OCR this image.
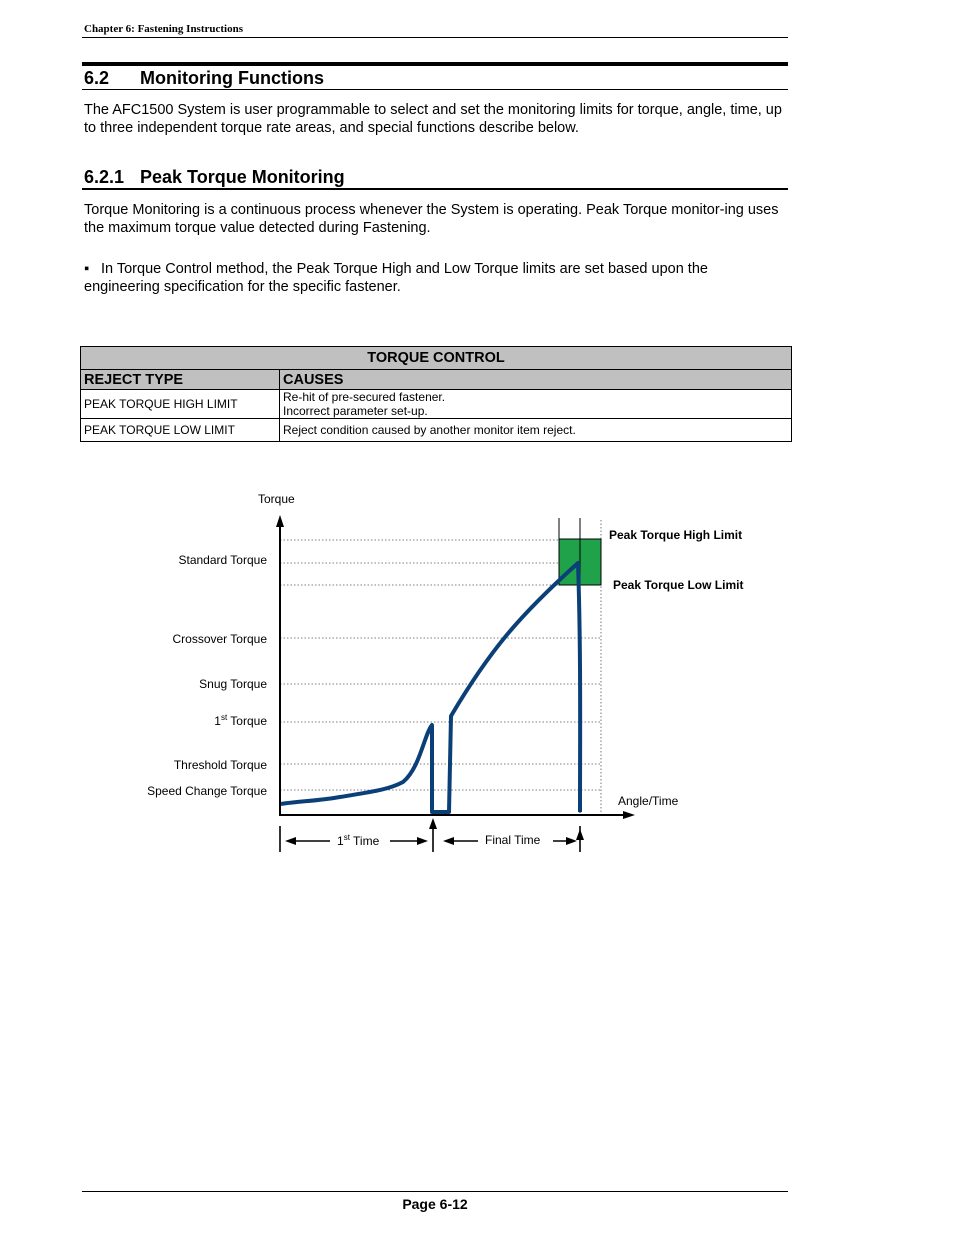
Chapter 6: Fastening Instructions
6.2 Monitoring Functions
The AFC1500 System is user programmable to select and set the monitoring limits for torque, angle, time, up to three independent torque rate areas, and special functions describe below.
6.2.1 Peak Torque Monitoring
Torque Monitoring is a continuous process whenever the System is operating. Peak Torque monitor-ing uses the maximum torque value detected during Fastening.
▪ In Torque Control method, the Peak Torque High and Low Torque limits are set based upon the engineering specification for the specific fastener.
TORQUE CONTROL	
REJECT TYPE	CAUSES
PEAK TORQUE HIGH LIMIT	Re-hit of pre-secured fastener.
Incorrect parameter set-up.

PEAK TORQUE LOW LIMIT	Reject condition caused by another monitor item reject.
Torque
Standard Torque
Crossover Torque
Snug Torque
1st Torque
Threshold Torque
Speed Change Torque
Peak Torque High Limit
Peak Torque Low Limit
Angle/Time
1st Time	Final Time
Page 6-12
